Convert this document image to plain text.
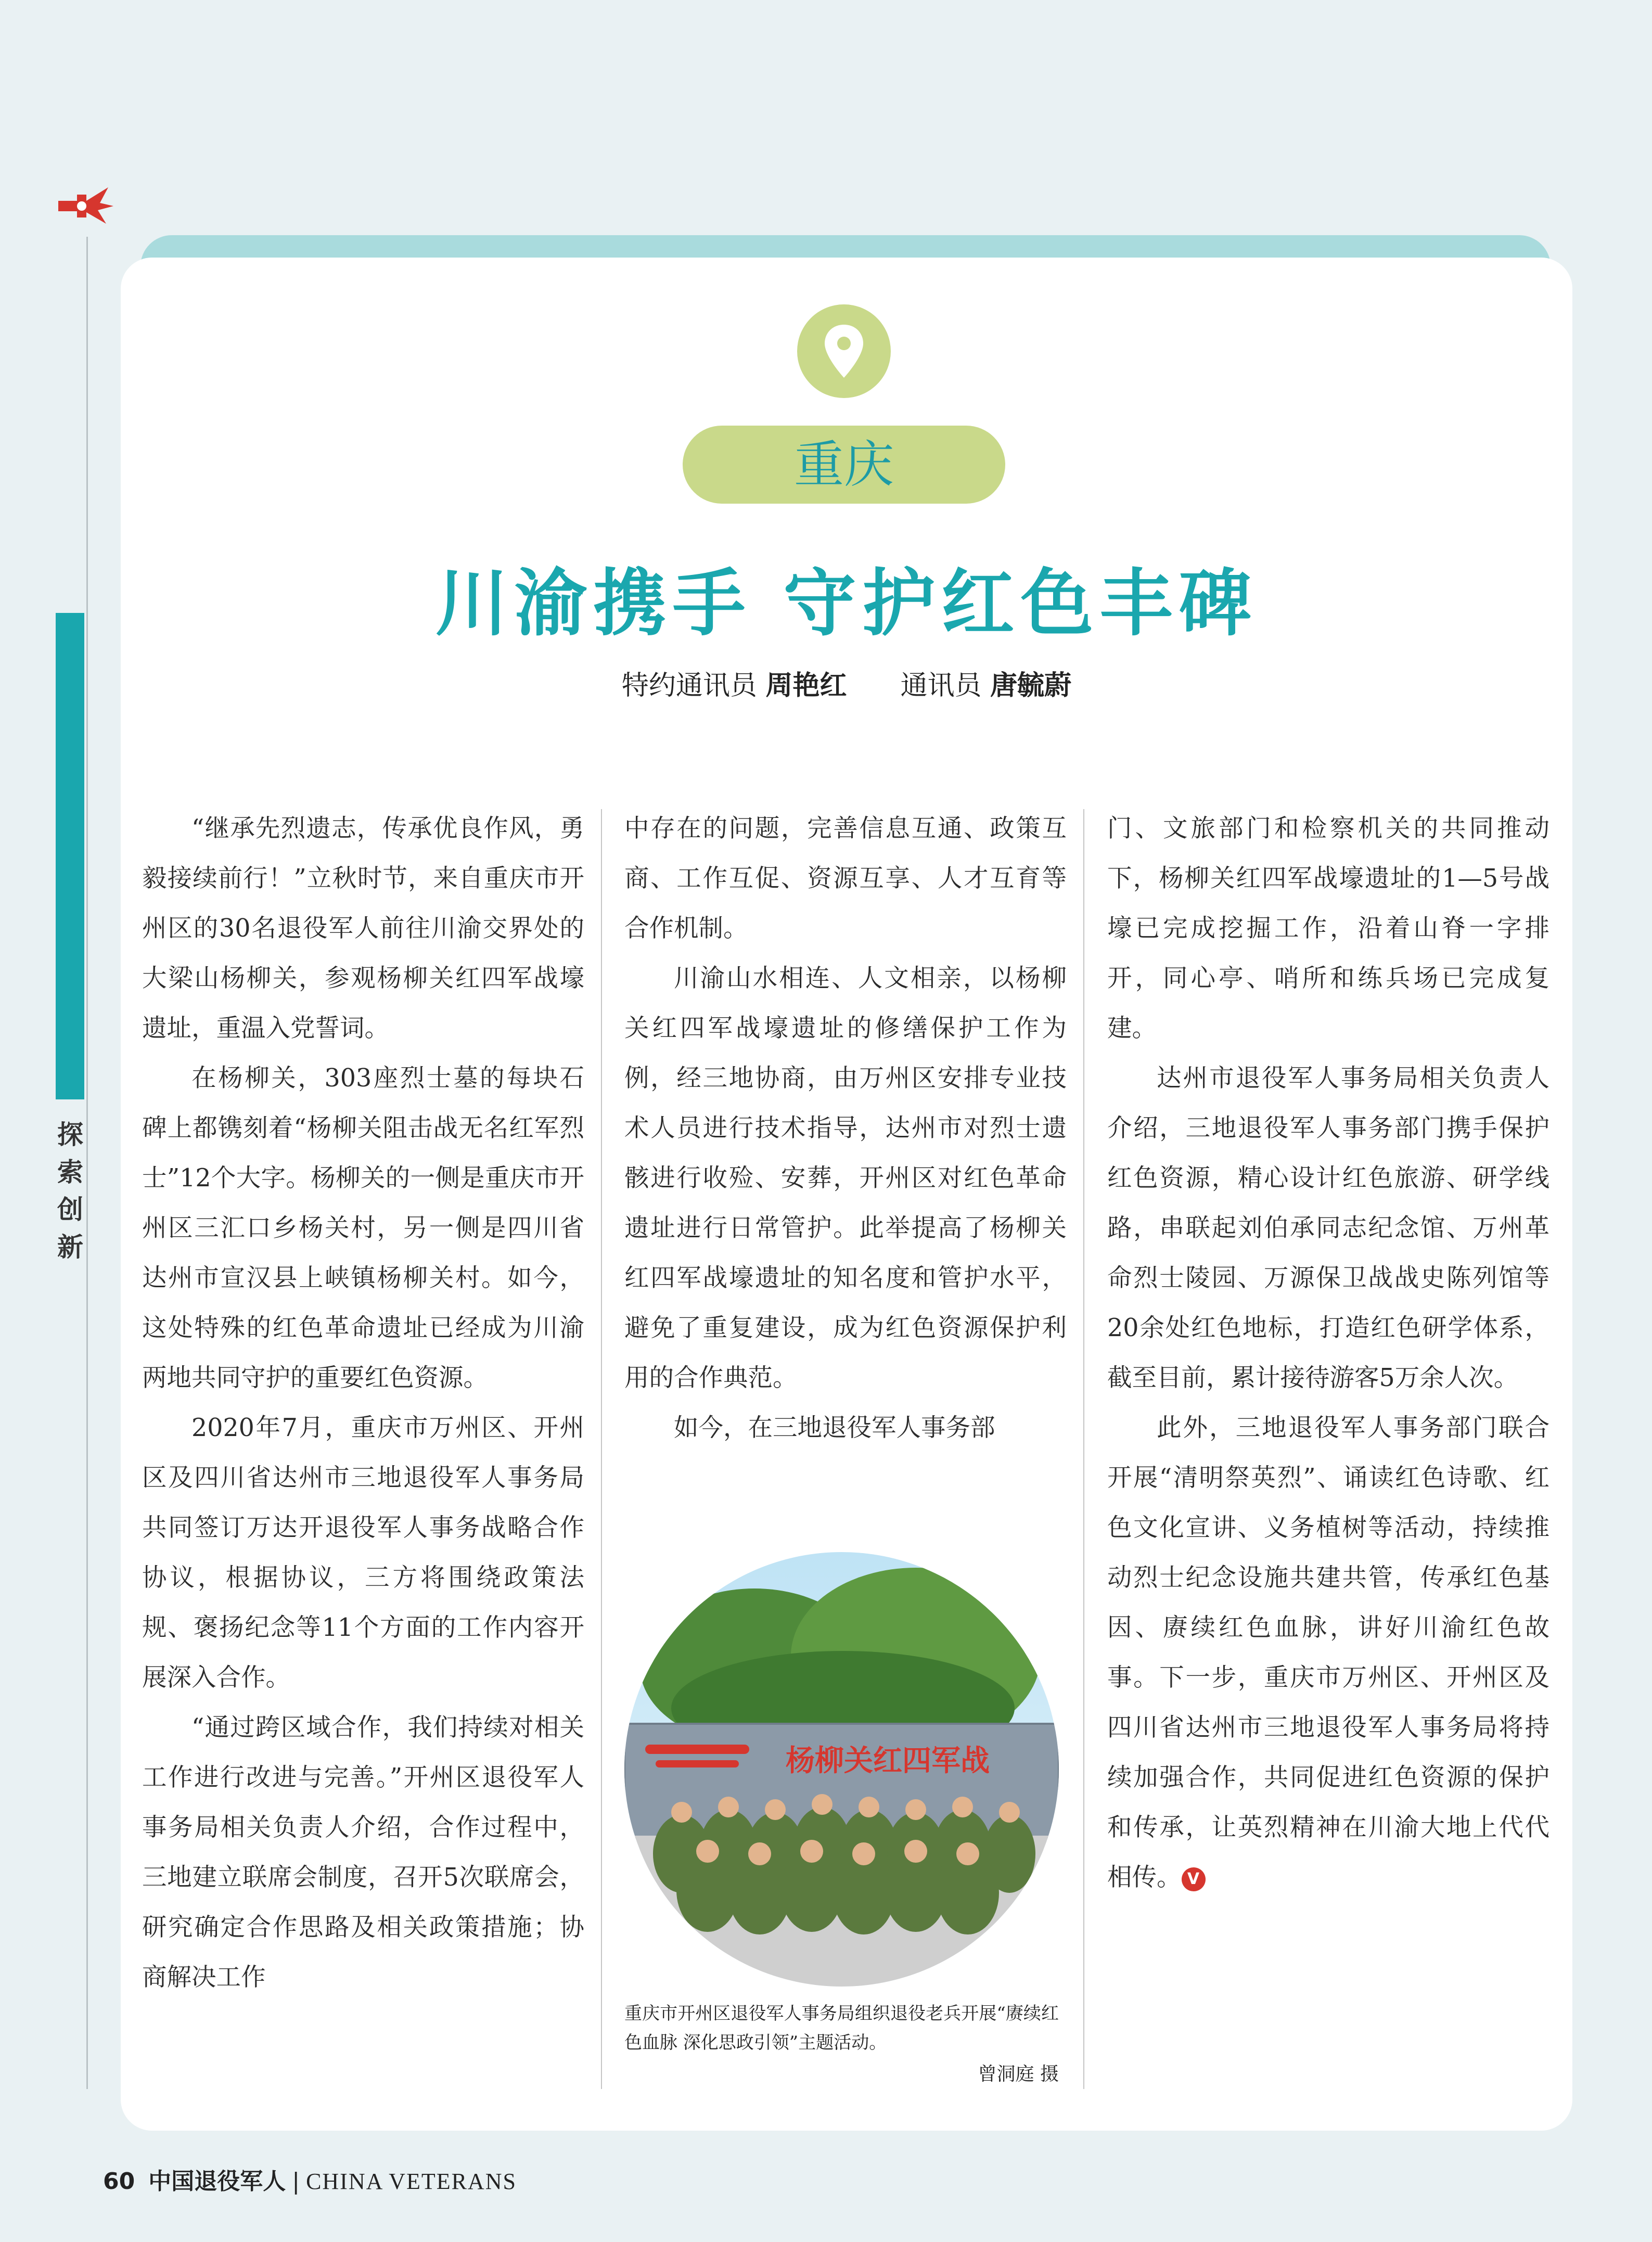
探索创新
重庆
川渝携手 守护红色丰碑
特约通讯员 周艳红 通讯员 唐毓蔚

“继承先烈遗志，传承优良作风，勇毅接续前行！”立秋时节，来自重庆市开州区的30名退役军人前往川渝交界处的大梁山杨柳关，参观杨柳关红四军战壕遗址，重温入党誓词。

在杨柳关，303座烈士墓的每块石碑上都镌刻着“杨柳关阻击战无名红军烈士”12个大字。杨柳关的一侧是重庆市开州区三汇口乡杨关村，另一侧是四川省达州市宣汉县上峡镇杨柳关村。如今，这处特殊的红色革命遗址已经成为川渝两地共同守护的重要红色资源。

2020年7月，重庆市万州区、开州区及四川省达州市三地退役军人事务局共同签订万达开退役军人事务战略合作协议，根据协议，三方将围绕政策法规、褒扬纪念等11个方面的工作内容开展深入合作。

“通过跨区域合作，我们持续对相关工作进行改进与完善。”开州区退役军人事务局相关负责人介绍，合作过程中，三地建立联席会制度，召开5次联席会，研究确定合作思路及相关政策措施；协商解决工作

中存在的问题，完善信息互通、政策互商、工作互促、资源互享、人才互育等合作机制。

川渝山水相连、人文相亲，以杨柳关红四军战壕遗址的修缮保护工作为例，经三地协商，由万州区安排专业技术人员进行技术指导，达州市对烈士遗骸进行收殓、安葬，开州区对红色革命遗址进行日常管护。此举提高了杨柳关红四军战壕遗址的知名度和管护水平，避免了重复建设，成为红色资源保护利用的合作典范。

如今，在三地退役军人事务部

门、文旅部门和检察机关的共同推动下，杨柳关红四军战壕遗址的1—5号战壕已完成挖掘工作，沿着山脊一字排开，同心亭、哨所和练兵场已完成复建。

达州市退役军人事务局相关负责人介绍，三地退役军人事务部门携手保护红色资源，精心设计红色旅游、研学线路，串联起刘伯承同志纪念馆、万州革命烈士陵园、万源保卫战战史陈列馆等20余处红色地标，打造红色研学体系，截至目前，累计接待游客5万余人次。

此外，三地退役军人事务部门联合开展“清明祭英烈”、诵读红色诗歌、红色文化宣讲、义务植树等活动，持续推动烈士纪念设施共建共管，传承红色基因、赓续红色血脉，讲好川渝红色故事。下一步，重庆市万州区、开州区及四川省达州市三地退役军人事务局将持续加强合作，共同促进红色资源的保护和传承，让英烈精神在川渝大地上代代相传。 V

杨柳关红四军战
重庆市开州区退役军人事务局组织退役老兵开展“赓续红色血脉 深化思政引领”主题活动。
曾洞庭 摄
60 中国退役军人 | CHINA VETERANS
